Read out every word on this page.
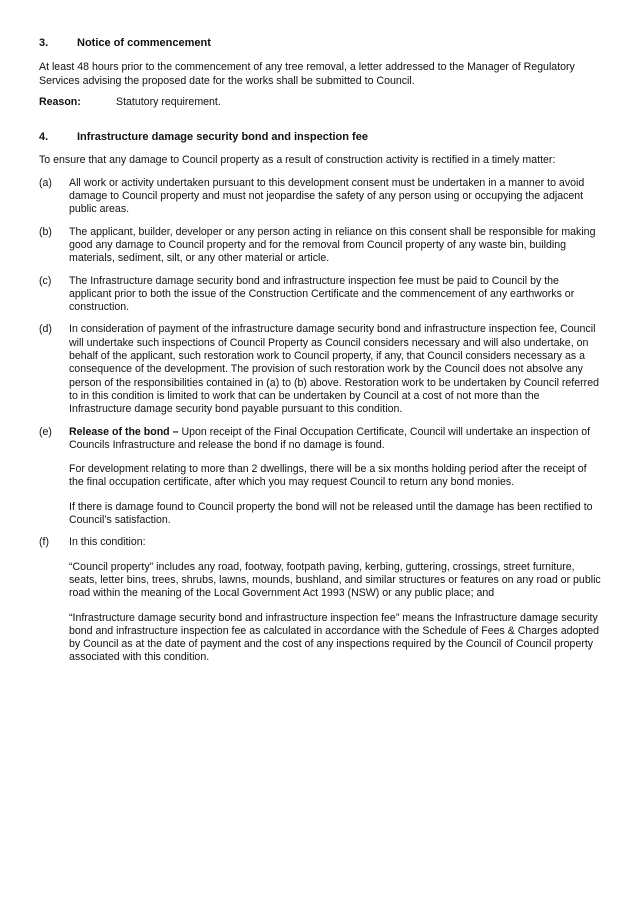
3.	Notice of commencement

At least 48 hours prior to the commencement of any tree removal, a letter addressed to the Manager of Regulatory Services advising the proposed date for the works shall be submitted to Council.

Reason:	Statutory requirement.
4.	Infrastructure damage security bond and inspection fee

To ensure that any damage to Council property as a result of construction activity is rectified in a timely matter:

(a)	All work or activity undertaken pursuant to this development consent must be undertaken in a manner to avoid damage to Council property and must not jeopardise the safety of any person using or occupying the adjacent public areas.

(b)	The applicant, builder, developer or any person acting in reliance on this consent shall be responsible for making good any damage to Council property and for the removal from Council property of any waste bin, building materials, sediment, silt, or any other material or article.

(c)	The Infrastructure damage security bond and infrastructure inspection fee must be paid to Council by the applicant prior to both the issue of the Construction Certificate and the commencement of any earthworks or construction.

(d)	In consideration of payment of the infrastructure damage security bond and infrastructure inspection fee, Council will undertake such inspections of Council Property as Council considers necessary and will also undertake, on behalf of the applicant, such restoration work to Council property, if any, that Council considers necessary as a consequence of the development. The provision of such restoration work by the Council does not absolve any person of the responsibilities contained in (a) to (b) above. Restoration work to be undertaken by Council referred to in this condition is limited to work that can be undertaken by Council at a cost of not more than the Infrastructure damage security bond payable pursuant to this condition.

(e)	Release of the bond – Upon receipt of the Final Occupation Certificate, Council will undertake an inspection of Councils Infrastructure and release the bond if no damage is found.

For development relating to more than 2 dwellings, there will be a six months holding period after the receipt of the final occupation certificate, after which you may request Council to return any bond monies.

If there is damage found to Council property the bond will not be released until the damage has been rectified to Council’s satisfaction.

(f)	In this condition:

“Council property” includes any road, footway, footpath paving, kerbing, guttering, crossings, street furniture, seats, letter bins, trees, shrubs, lawns, mounds, bushland, and similar structures or features on any road or public road within the meaning of the Local Government Act 1993 (NSW) or any public place; and

“Infrastructure damage security bond and infrastructure inspection fee” means the Infrastructure damage security bond and infrastructure inspection fee as calculated in accordance with the Schedule of Fees & Charges adopted by Council as at the date of payment and the cost of any inspections required by the Council of Council property associated with this condition.
